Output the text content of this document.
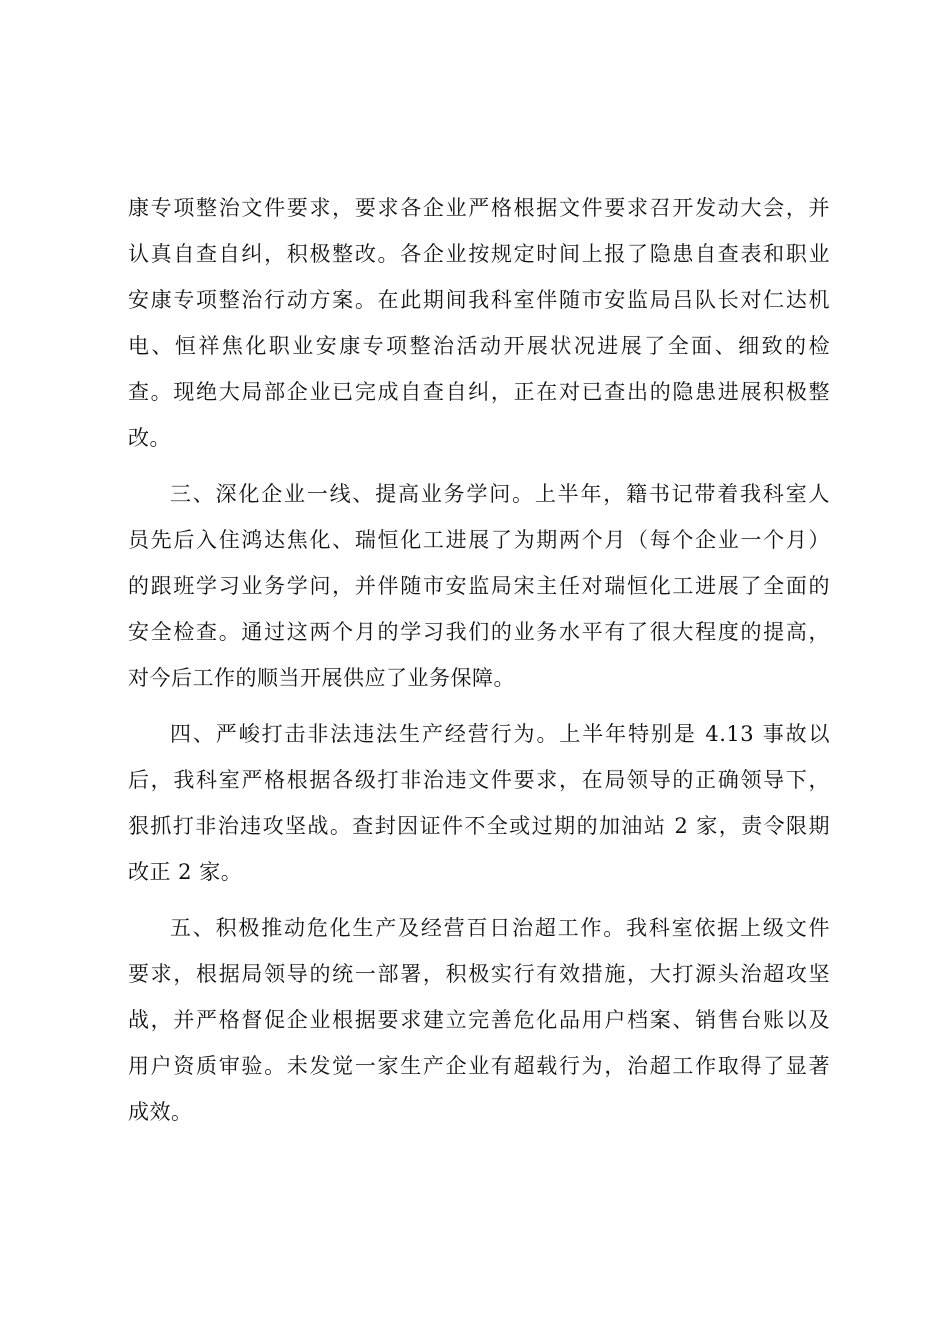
康专项整治文件要求，要求各企业严格根据文件要求召开发动大会，并
认真自查自纠，积极整改。各企业按规定时间上报了隐患自查表和职业
安康专项整治行动方案。在此期间我科室伴随市安监局吕队长对仁达机
电、恒祥焦化职业安康专项整治活动开展状况进展了全面、细致的检
查。现绝大局部企业已完成自查自纠，正在对已查出的隐患进展积极整
改。
三、深化企业一线、提高业务学问。上半年，籍书记带着我科室人
员先后入住鸿达焦化、瑞恒化工进展了为期两个月（每个企业一个月）
的跟班学习业务学问，并伴随市安监局宋主任对瑞恒化工进展了全面的
安全检查。通过这两个月的学习我们的业务水平有了很大程度的提高，
对今后工作的顺当开展供应了业务保障。
四、严峻打击非法违法生产经营行为。上半年特别是 4.13 事故以
后，我科室严格根据各级打非治违文件要求，在局领导的正确领导下，
狠抓打非治违攻坚战。查封因证件不全或过期的加油站 2 家，责令限期
改正 2 家。
五、积极推动危化生产及经营百日治超工作。我科室依据上级文件
要求，根据局领导的统一部署，积极实行有效措施，大打源头治超攻坚
战，并严格督促企业根据要求建立完善危化品用户档案、销售台账以及
用户资质审验。未发觉一家生产企业有超载行为，治超工作取得了显著
成效。
